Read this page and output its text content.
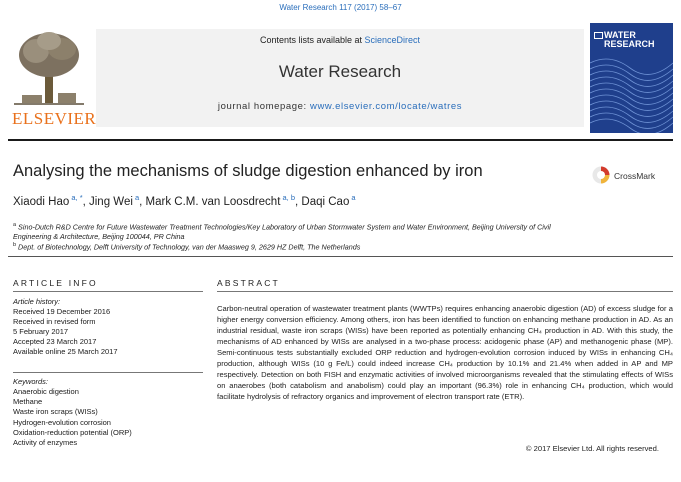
Water Research 117 (2017) 58–67
ELSEVIER
Contents lists available at ScienceDirect
Water Research
journal homepage: www.elsevier.com/locate/watres
WATER
RESEARCH
Analysing the mechanisms of sludge digestion enhanced by iron	CrossMark
Xiaodi Hao $^{a, *}$, Jing Wei $^a$, Mark C.M. van Loosdrecht $^{a, b}$, Daqi Cao $^a$
$^a$ Sino-Dutch R&D Centre for Future Wastewater Treatment Technologies/Key Laboratory of Urban Stormwater System and Water Environment, Beijing University of Civil Engineering & Architecture, Beijing 100044, PR China
$^b$ Dept. of Biotechnology, Delft University of Technology, van der Maasweg 9, 2629 HZ Delft, The Netherlands
ARTICLE INFO	ABSTRACT
Article history:
Received 19 December 2016
Received in revised form
5 February 2017
Accepted 23 March 2017
Available online 25 March 2017
Keywords:
Anaerobic digestion
Methane
Waste iron scraps (WISs)
Hydrogen-evolution corrosion
Oxidation-reduction potential (ORP)
Activity of enzymes
Carbon-neutral operation of wastewater treatment plants (WWTPs) requires enhancing anaerobic digestion (AD) of excess sludge for a higher energy conversion efficiency. Among others, iron has been identified to function on enhancing methane production in AD. As an industrial residual, waste iron scraps (WISs) have been reported as potentially enhancing CH₄ production in AD. With this study, the mechanisms of AD enhanced by WISs are analysed in a two-phase process: acidogenic phase (AP) and methanogenic phase (MP). Semi-continuous tests substantially excluded ORP reduction and hydrogen-evolution corrosion induced by WISs in enhancing CH₄ production, although WISs (10 g Fe/L) could indeed increase CH₄ production by 10.1% and 21.4% when added in AP and MP respectively. Detection on both FISH and enzymatic activities of involved microorganisms revealed that the stimulating effects of WISs on anaerobes (both catabolism and anabolism) could play an important (96.3%) role in enhancing CH₄ production, which would facilitate hydrolysis of refractory organics and improvement of electron transport rate (ETR).
© 2017 Elsevier Ltd. All rights reserved.
